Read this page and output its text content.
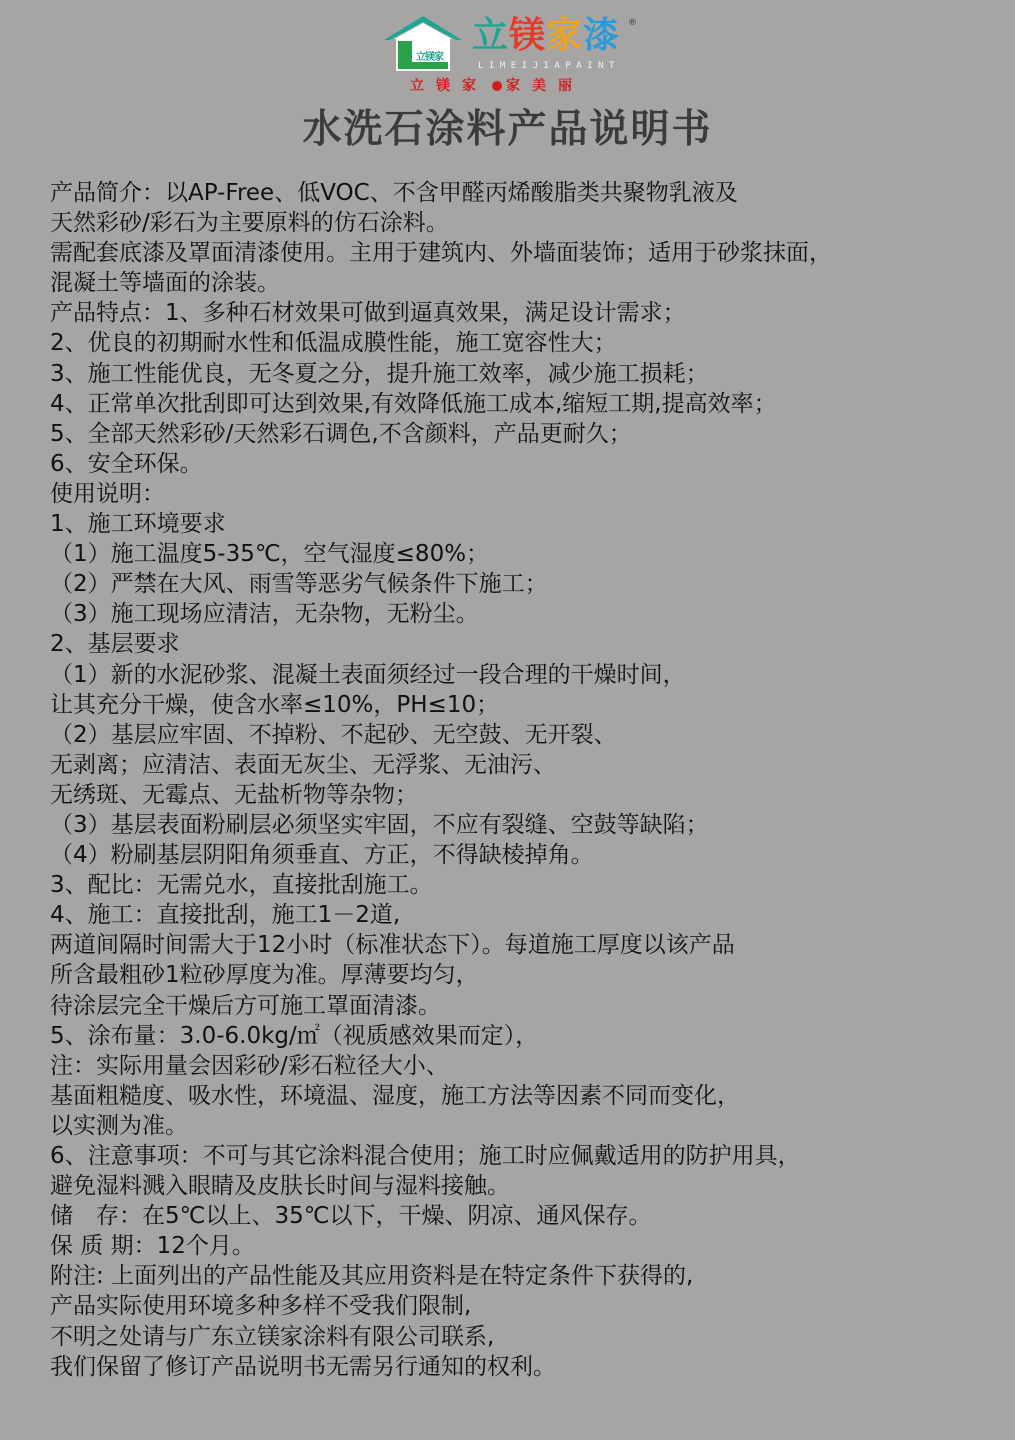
立镁家
立镁家漆 ®
LIMEIJIAPAINT
立镁家 家美丽
水洗石涂料产品说明书
产品简介：以AP-Free、低VOC、不含甲醛丙烯酸脂类共聚物乳液及
天然彩砂/彩石为主要原料的仿石涂料。
需配套底漆及罩面清漆使用。主用于建筑内、外墙面装饰；适用于砂浆抹面，
混凝土等墙面的涂装。
产品特点：1、多种石材效果可做到逼真效果，满足设计需求；
2、优良的初期耐水性和低温成膜性能，施工宽容性大；
3、施工性能优良，无冬夏之分，提升施工效率，减少施工损耗；
4、正常单次批刮即可达到效果,有效降低施工成本,缩短工期,提高效率；
5、全部天然彩砂/天然彩石调色,不含颜料，产品更耐久；
6、安全环保。
使用说明：
1、施工环境要求
（1）施工温度5-35℃，空气湿度≤80%；
（2）严禁在大风、雨雪等恶劣气候条件下施工；
（3）施工现场应清洁，无杂物，无粉尘。
2、基层要求
（1）新的水泥砂浆、混凝土表面须经过一段合理的干燥时间，
让其充分干燥，使含水率≤10%，PH≤10；
（2）基层应牢固、不掉粉、不起砂、无空鼓、无开裂、
无剥离；应清洁、表面无灰尘、无浮浆、无油污、
无绣斑、无霉点、无盐析物等杂物；
（3）基层表面粉刷层必须坚实牢固，不应有裂缝、空鼓等缺陷；
（4）粉刷基层阴阳角须垂直、方正，不得缺棱掉角。
3、配比：无需兑水，直接批刮施工。
4、施工：直接批刮，施工1－2道,
两道间隔时间需大于12小时（标准状态下）。每道施工厚度以该产品
所含最粗砂1粒砂厚度为准。厚薄要均匀，
待涂层完全干燥后方可施工罩面清漆。
5、涂布量：3.0-6.0kg/㎡（视质感效果而定），
注：实际用量会因彩砂/彩石粒径大小、
基面粗糙度、吸水性，环境温、湿度，施工方法等因素不同而变化，
以实测为准。
6、注意事项：不可与其它涂料混合使用；施工时应佩戴适用的防护用具，
避免湿料溅入眼睛及皮肤长时间与湿料接触。
储　存：在5℃以上、35℃以下，干燥、阴凉、通风保存。
保 质 期：12个月。
附注: 上面列出的产品性能及其应用资料是在特定条件下获得的,
产品实际使用环境多种多样不受我们限制,
不明之处请与广东立镁家涂料有限公司联系,
我们保留了修订产品说明书无需另行通知的权利。
